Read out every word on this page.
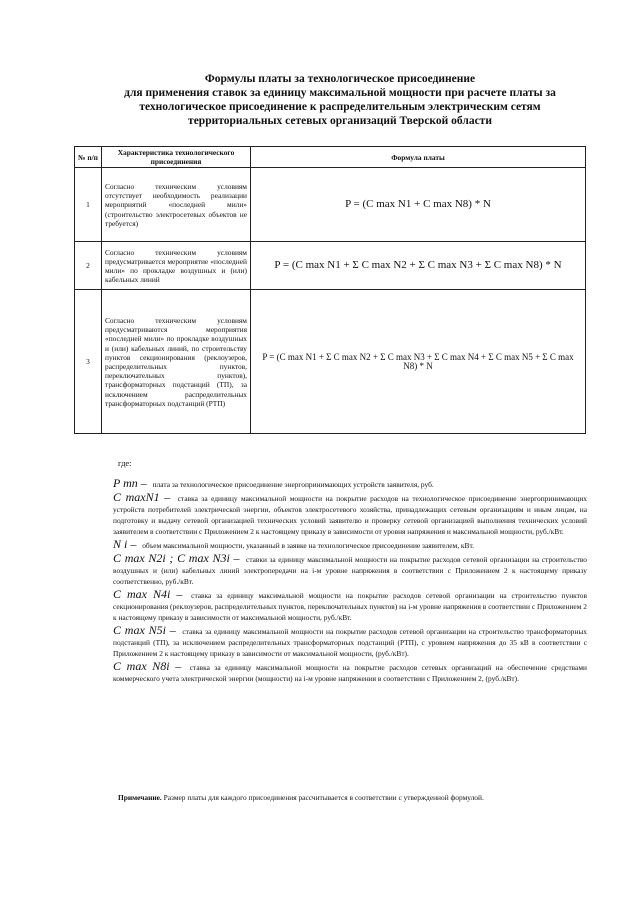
Формулы платы за технологическое присоединение
для применения ставок за единицу максимальной мощности при расчете платы за
технологическое присоединение к распределительным электрическим сетям
территориальных сетевых организаций Тверской области
№ п/п	Характеристика технологического присоединения	Формула платы
1	Согласно техническим условиям отсутствует необходимость реализации мероприятий «последней мили» (строительство электросетевых объектов не требуется)	P = (C max N1 + C max N8) * N
2	Согласно техническим условиям предусматривается мероприятие «последней мили» по прокладке воздушных и (или) кабельных линий	P = (C max N1 + Σ C max N2 + Σ C max N3 + Σ C max N8) * N
3	Согласно техническим условиям предусматриваются мероприятия «последней мили» по прокладке воздушных и (или) кабельных линий, по строительству пунктов секционирования (реклоузеров, распределительных пунктов, переключательных пунктов), трансформаторных подстанций (ТП), за исключением распределительных трансформаторных подстанций (РТП)	P = (C max N1 + Σ C max N2 + Σ C max N3 + Σ C max N4 + Σ C max N5 + Σ C max N8) * N
где:
P тп – плата за технологическое присоединение энергопринимающих устройств заявителя, руб.
C maxN1 – ставка за единицу максимальной мощности на покрытие расходов на технологическое присоединение энергопринимающих устройств потребителей электрической энергии, объектов электросетевого хозяйства, принадлежащих сетевым организациям и иным лицам, на подготовку и выдачу сетевой организацией технических условий заявителю и проверку сетевой организацией выполнения технических условий заявителем в соответствии с Приложением 2 к настоящему приказу в зависимости от уровня напряжения и максимальной мощности, руб./кВт.
N i – объем максимальной мощности, указанный в заявке на технологическое присоединение заявителем, кВт.
C max N2i ; C max N3i – ставки за единицу максимальной мощности на покрытие расходов сетевой организации на строительство воздушных и (или) кабельных линий электропередачи на i-м уровне напряжения в соответствии с Приложением 2 к настоящему приказу соответственно, руб./кВт.
C max N4i – ставка за единицу максимальной мощности на покрытие расходов сетевой организации на строительство пунктов секционирования (реклоузеров, распределительных пунктов, переключательных пунктов) на i-м уровне напряжения в соответствии с Приложением 2 к настоящему приказу в зависимости от максимальной мощности, руб./кВт.
C max N5i – ставка за единицу максимальной мощности на покрытие расходов сетевой организации на строительство трансформаторных подстанций (ТП), за исключением распределительных трансформаторных подстанций (РТП), с уровнем напряжения до 35 кВ в соответствии с Приложением 2 к настоящему приказу в зависимости от максимальной мощности, (руб./кВт).
C max N8i – ставка за единицу максимальной мощности на покрытие расходов сетевых организаций на обеспечение средствами коммерческого учета электрической энергии (мощности) на i-м уровне напряжения в соответствии с Приложением 2, (руб./кВт).
Примечание. Размер платы для каждого присоединения рассчитывается в соответствии с утвержденной формулой.
